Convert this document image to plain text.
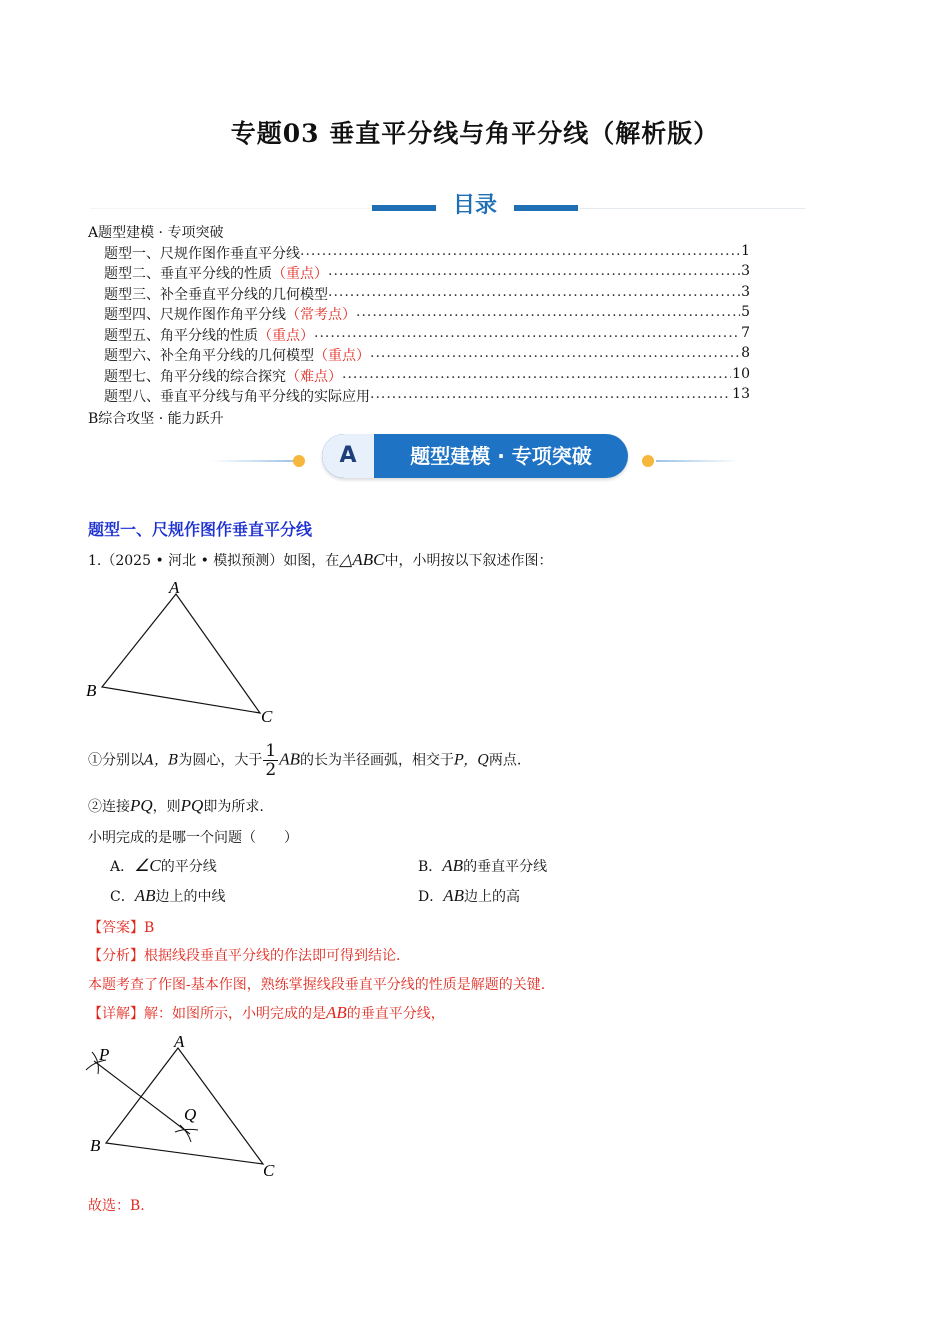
专题03 垂直平分线与角平分线（解析版）
目录
A题型建模 · 专项突破
题型一、尺规作图作垂直平分线 .....	1
题型二、垂直平分线的性质 （重点） .....	3
题型三、补全垂直平分线的几何模型 .....	3
题型四、尺规作图作角平分线 （常考点） .....	5
题型五、角平分线的性质 （重点） .....	7
题型六、补全角平分线的几何模型 （重点） .....	8
题型七、角平分线的综合探究 （难点） .....	10
题型八、垂直平分线与角平分线的实际应用 .....	13
B综合攻坚 · 能力跃升
A	题型建模 · 专项突破
题型一、尺规作图作垂直平分线
1.（2025 • 河北 • 模拟预测）如图，在△ABC中，小明按以下叙述作图：
A
B
C
①分别以A，B为圆心，大于 $\frac{1}{2}$ AB的长为半径画弧，相交于P，Q两点.
②连接PQ，则PQ即为所求.
小明完成的是哪一个问题（　　）
A．∠C的平分线	B．AB的垂直平分线
C．AB边上的中线	D．AB边上的高
【答案】B
【分析】根据线段垂直平分线的作法即可得到结论.
本题考查了作图-基本作图，熟练掌握线段垂直平分线的性质是解题的关键.
【详解】解：如图所示，小明完成的是AB的垂直平分线，
A
B
C
P
Q
故选：B.
